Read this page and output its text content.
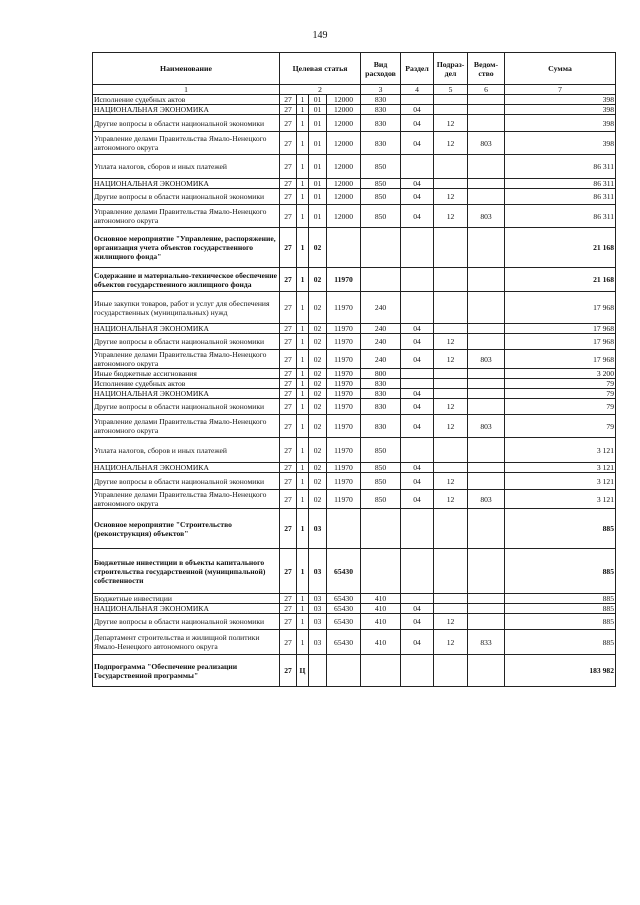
149
Наименование	Целевая статья				Вид расходов	Раздел	Подраз-дел	Ведом-ство	Сумма
1	2				3	4	5	6	7
Исполнение судебных актов	27	1	01	12000	830				398
НАЦИОНАЛЬНАЯ ЭКОНОМИКА	27	1	01	12000	830	04			398
Другие вопросы в области национальной экономики	27	1	01	12000	830	04	12		398
Управление делами Правительства Ямало-Ненецкого автономного округа	27	1	01	12000	830	04	12	803	398
Уплата налогов, сборов и иных платежей	27	1	01	12000	850				86 311
НАЦИОНАЛЬНАЯ ЭКОНОМИКА	27	1	01	12000	850	04			86 311
Другие вопросы в области национальной экономики	27	1	01	12000	850	04	12		86 311
Управление делами Правительства Ямало-Ненецкого автономного округа	27	1	01	12000	850	04	12	803	86 311
Основное мероприятие "Управление, распоряжение, организация учета объектов государственного жилищного фонда"	27	1	02						21 168
Содержание и материально-техническое обеспечение объектов государственного жилищного фонда	27	1	02	11970					21 168
Иные закупки товаров, работ и услуг для обеспечения государственных (муниципальных) нужд	27	1	02	11970	240				17 968
НАЦИОНАЛЬНАЯ ЭКОНОМИКА	27	1	02	11970	240	04			17 968
Другие вопросы в области национальной экономики	27	1	02	11970	240	04	12		17 968
Управление делами Правительства Ямало-Ненецкого автономного округа	27	1	02	11970	240	04	12	803	17 968
Иные бюджетные ассигнования	27	1	02	11970	800				3 200
Исполнение судебных актов	27	1	02	11970	830				79
НАЦИОНАЛЬНАЯ ЭКОНОМИКА	27	1	02	11970	830	04			79
Другие вопросы в области национальной экономики	27	1	02	11970	830	04	12		79
Управление делами Правительства Ямало-Ненецкого автономного округа	27	1	02	11970	830	04	12	803	79
Уплата налогов, сборов и иных платежей	27	1	02	11970	850				3 121
НАЦИОНАЛЬНАЯ ЭКОНОМИКА	27	1	02	11970	850	04			3 121
Другие вопросы в области национальной экономики	27	1	02	11970	850	04	12		3 121
Управление делами Правительства Ямало-Ненецкого автономного округа	27	1	02	11970	850	04	12	803	3 121
Основное мероприятие "Строительство (реконструкция) объектов"	27	1	03						885
Бюджетные инвестиции в объекты капитального строительства государственной (муниципальной) собственности	27	1	03	65430					885
Бюджетные инвестиции	27	1	03	65430	410				885
НАЦИОНАЛЬНАЯ ЭКОНОМИКА	27	1	03	65430	410	04			885
Другие вопросы в области национальной экономики	27	1	03	65430	410	04	12		885
Департамент строительства и жилищной политики Ямало-Ненецкого автономного округа	27	1	03	65430	410	04	12	833	885
Подпрограмма "Обеспечение реализации Государственной программы"	27	Ц							183 982
